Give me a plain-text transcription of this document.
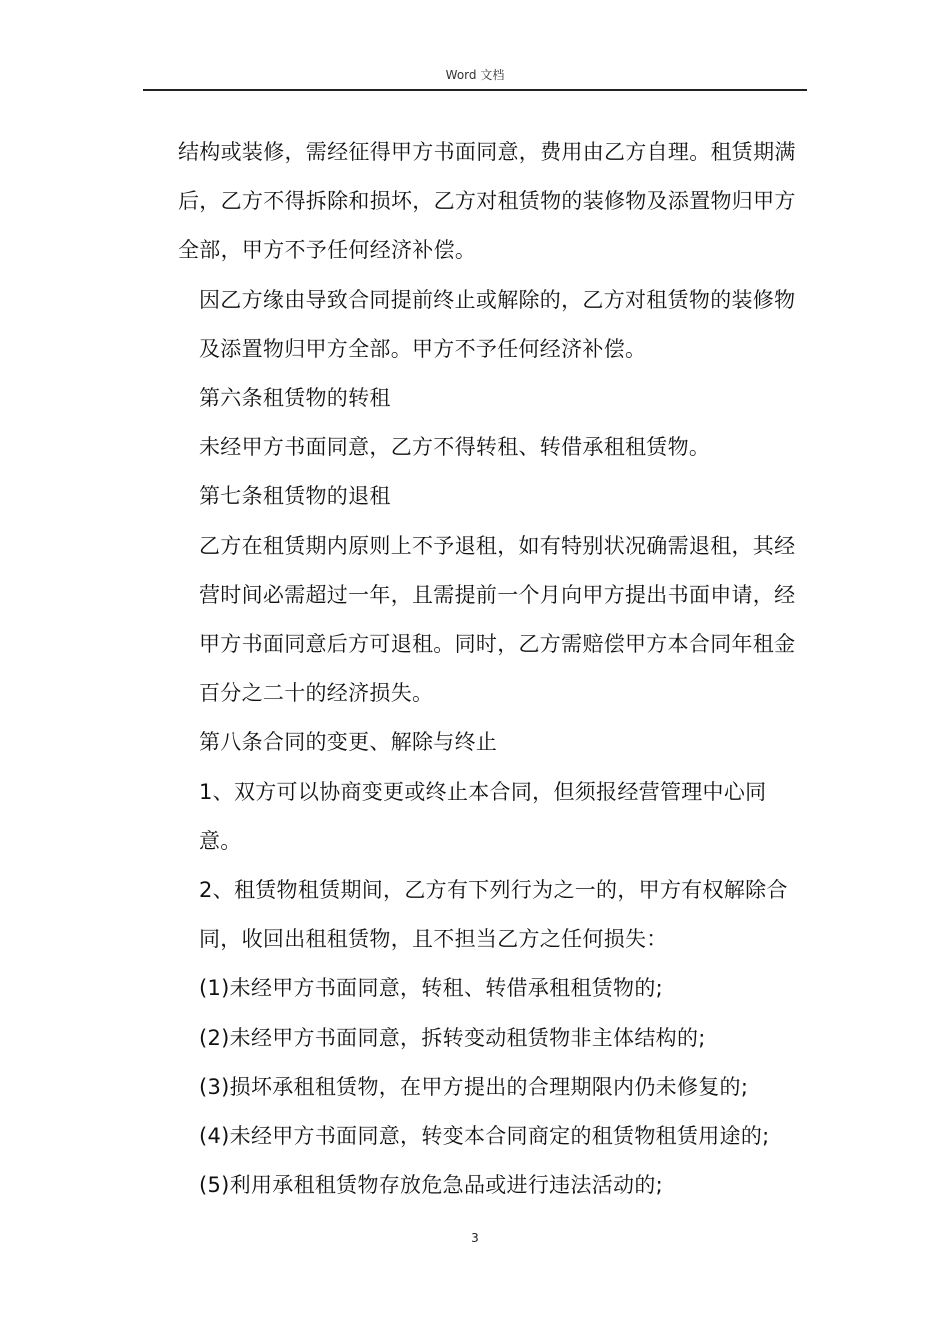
Word 文档

结构或装修，需经征得甲方书面同意，费用由乙方自理。租赁期满后，乙方不得拆除和损坏，乙方对租赁物的装修物及添置物归甲方全部，甲方不予任何经济补偿。

因乙方缘由导致合同提前终止或解除的，乙方对租赁物的装修物及添置物归甲方全部。甲方不予任何经济补偿。

第六条租赁物的转租

未经甲方书面同意，乙方不得转租、转借承租租赁物。

第七条租赁物的退租

乙方在租赁期内原则上不予退租，如有特别状况确需退租，其经营时间必需超过一年，且需提前一个月向甲方提出书面申请，经甲方书面同意后方可退租。同时，乙方需赔偿甲方本合同年租金百分之二十的经济损失。

第八条合同的变更、解除与终止

1、双方可以协商变更或终止本合同，但须报经营管理中心同意。

2、租赁物租赁期间，乙方有下列行为之一的，甲方有权解除合同，收回出租租赁物，且不担当乙方之任何损失：

(1)未经甲方书面同意，转租、转借承租租赁物的;

(2)未经甲方书面同意，拆转变动租赁物非主体结构的;

(3)损坏承租租赁物，在甲方提出的合理期限内仍未修复的;

(4)未经甲方书面同意，转变本合同商定的租赁物租赁用途的;

(5)利用承租租赁物存放危急品或进行违法活动的;

3
